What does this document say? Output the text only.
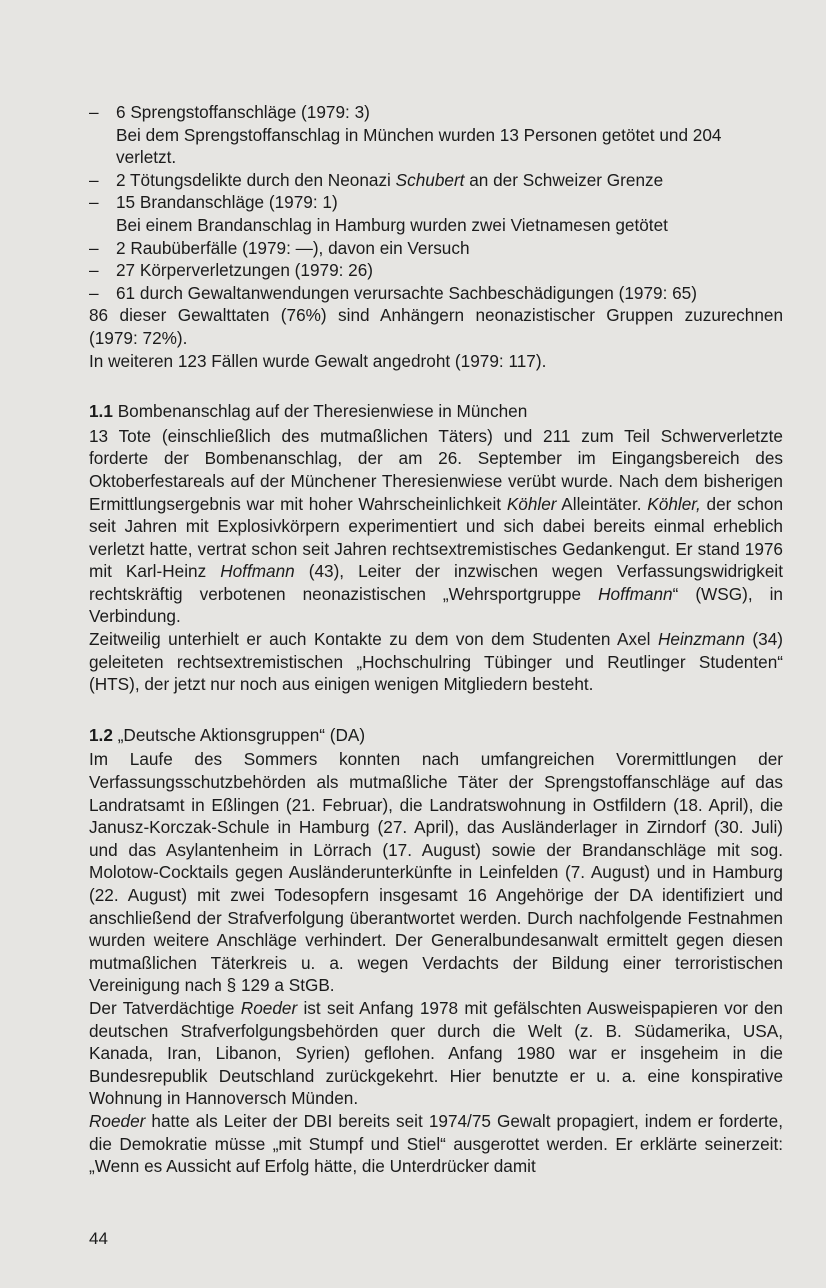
– 6 Sprengstoffanschläge (1979: 3)

Bei dem Sprengstoffanschlag in München wurden 13 Personen getötet und 204 verletzt.

– 2 Tötungsdelikte durch den Neonazi Schubert an der Schweizer Grenze

– 15 Brandanschläge (1979: 1)

Bei einem Brandanschlag in Hamburg wurden zwei Vietnamesen getötet

– 2 Raubüberfälle (1979: —), davon ein Versuch

– 27 Körperverletzungen (1979: 26)

– 61 durch Gewaltanwendungen verursachte Sachbeschädigungen (1979: 65)

86 dieser Gewalttaten (76%) sind Anhängern neonazistischer Gruppen zuzurechnen (1979: 72%).

In weiteren 123 Fällen wurde Gewalt angedroht (1979: 117).

1.1 Bombenanschlag auf der Theresienwiese in München

13 Tote (einschließlich des mutmaßlichen Täters) und 211 zum Teil Schwerverletzte forderte der Bombenanschlag, der am 26. September im Eingangsbereich des Oktoberfestareals auf der Münchener Theresienwiese verübt wurde. Nach dem bisherigen Ermittlungsergebnis war mit hoher Wahrscheinlichkeit Köhler Alleintäter. Köhler, der schon seit Jahren mit Explosivkörpern experimentiert und sich dabei bereits einmal erheblich verletzt hatte, vertrat schon seit Jahren rechtsextremistisches Gedankengut. Er stand 1976 mit Karl-Heinz Hoffmann (43), Leiter der inzwischen wegen Verfassungswidrigkeit rechtskräftig verbotenen neonazistischen „Wehrsportgruppe Hoffmann“ (WSG), in Verbindung.

Zeitweilig unterhielt er auch Kontakte zu dem von dem Studenten Axel Heinzmann (34) geleiteten rechtsextremistischen „Hochschulring Tübinger und Reutlinger Studenten“ (HTS), der jetzt nur noch aus einigen wenigen Mitgliedern besteht.

1.2 „Deutsche Aktionsgruppen“ (DA)

Im Laufe des Sommers konnten nach umfangreichen Vorermittlungen der Verfassungsschutzbehörden als mutmaßliche Täter der Sprengstoffanschläge auf das Landratsamt in Eßlingen (21. Februar), die Landratswohnung in Ostfildern (18. April), die Janusz-Korczak-Schule in Hamburg (27. April), das Ausländerlager in Zirndorf (30. Juli) und das Asylantenheim in Lörrach (17. August) sowie der Brandanschläge mit sog. Molotow-Cocktails gegen Ausländerunterkünfte in Leinfelden (7. August) und in Hamburg (22. August) mit zwei Todesopfern insgesamt 16 Angehörige der DA identifiziert und anschließend der Strafverfolgung überantwortet werden. Durch nachfolgende Festnahmen wurden weitere Anschläge verhindert. Der Generalbundesanwalt ermittelt gegen diesen mutmaßlichen Täterkreis u. a. wegen Verdachts der Bildung einer terroristischen Vereinigung nach § 129 a StGB.

Der Tatverdächtige Roeder ist seit Anfang 1978 mit gefälschten Ausweispapieren vor den deutschen Strafverfolgungsbehörden quer durch die Welt (z. B. Südamerika, USA, Kanada, Iran, Libanon, Syrien) geflohen. Anfang 1980 war er insgeheim in die Bundesrepublik Deutschland zurückgekehrt. Hier benutzte er u. a. eine konspirative Wohnung in Hannoversch Münden.

Roeder hatte als Leiter der DBI bereits seit 1974/75 Gewalt propagiert, indem er forderte, die Demokratie müsse „mit Stumpf und Stiel“ ausgerottet werden. Er erklärte seinerzeit: „Wenn es Aussicht auf Erfolg hätte, die Unterdrücker damit

44
